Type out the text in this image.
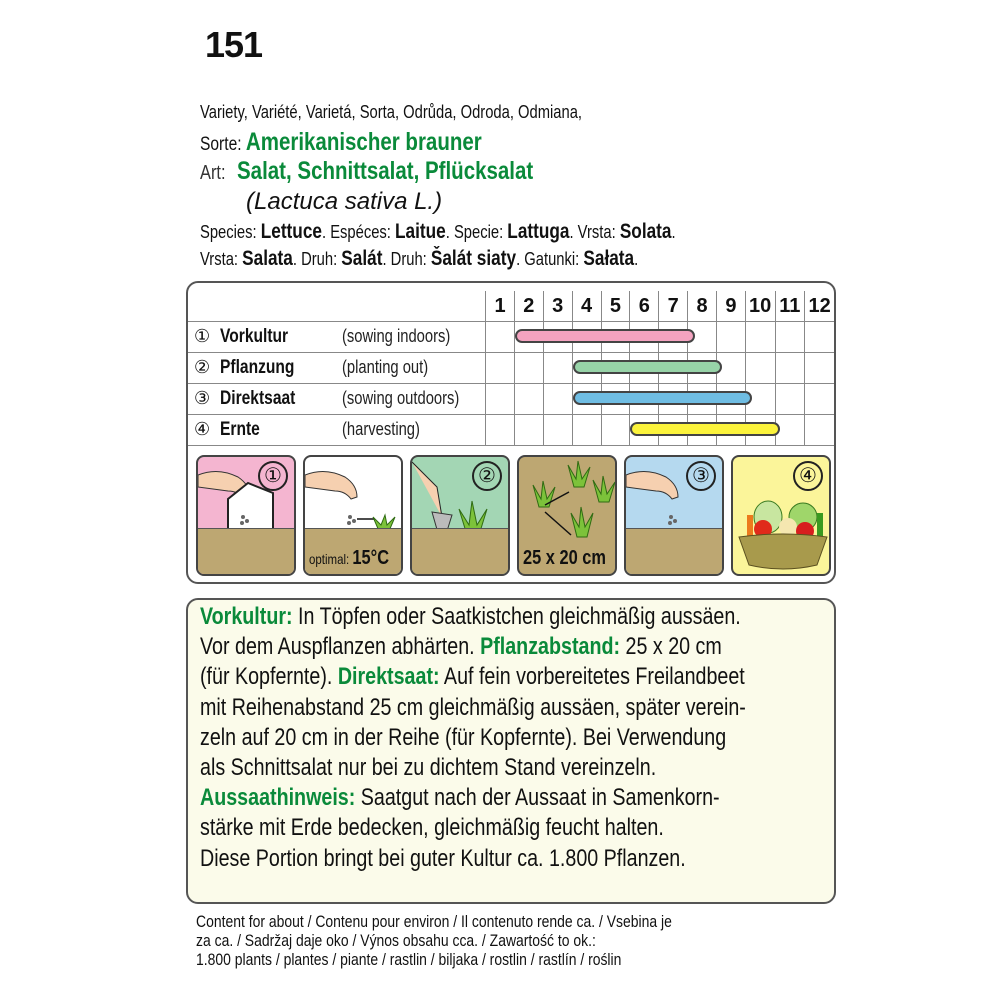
151
Variety, Variété, Varietá, Sorta, Odrůda, Odroda, Odmiana,
Sorte: Amerikanischer brauner
Art: Salat, Schnittsalat, Pflücksalat
(Lactuca sativa L.)
Species: Lettuce. Espéces: Laitue. Specie: Lattuga. Vrsta: Solata.
Vrsta: Salata. Druh: Salát. Druh: Šalát siaty. Gatunki: Sałata.
	1	2	3	4	5	6	7	8	9	10	11	12
① Vorkultur (sowing indoors)		

② Pflanzung (planting out)				

③ Direktsaat (sowing outdoors)				

④ Ernte (harvesting)						

①
optimal: 15°C
②
25 x 20 cm
③	④

Vorkultur: In Töpfen oder Saatkistchen gleichmäßig aussäen.

Vor dem Auspflanzen abhärten. Pflanzabstand: 25 x 20 cm

(für Kopfernte). Direktsaat: Auf fein vorbereitetes Freilandbeet

mit Reihenabstand 25 cm gleichmäßig aussäen, später verein-

zeln auf 20 cm in der Reihe (für Kopfernte). Bei Verwendung

als Schnittsalat nur bei zu dichtem Stand vereinzeln.

Aussaathinweis: Saatgut nach der Aussaat in Samenkorn-

stärke mit Erde bedecken, gleichmäßig feucht halten.

Diese Portion bringt bei guter Kultur ca. 1.800 Pflanzen.

Content for about / Contenu pour environ / Il contenuto rende ca. / Vsebina je
za ca. / Sadržaj daje oko / Výnos obsahu cca. / Zawartość to ok.:
1.800 plants / plantes / piante / rastlin / biljaka / rostlin / rastlín / roślin
